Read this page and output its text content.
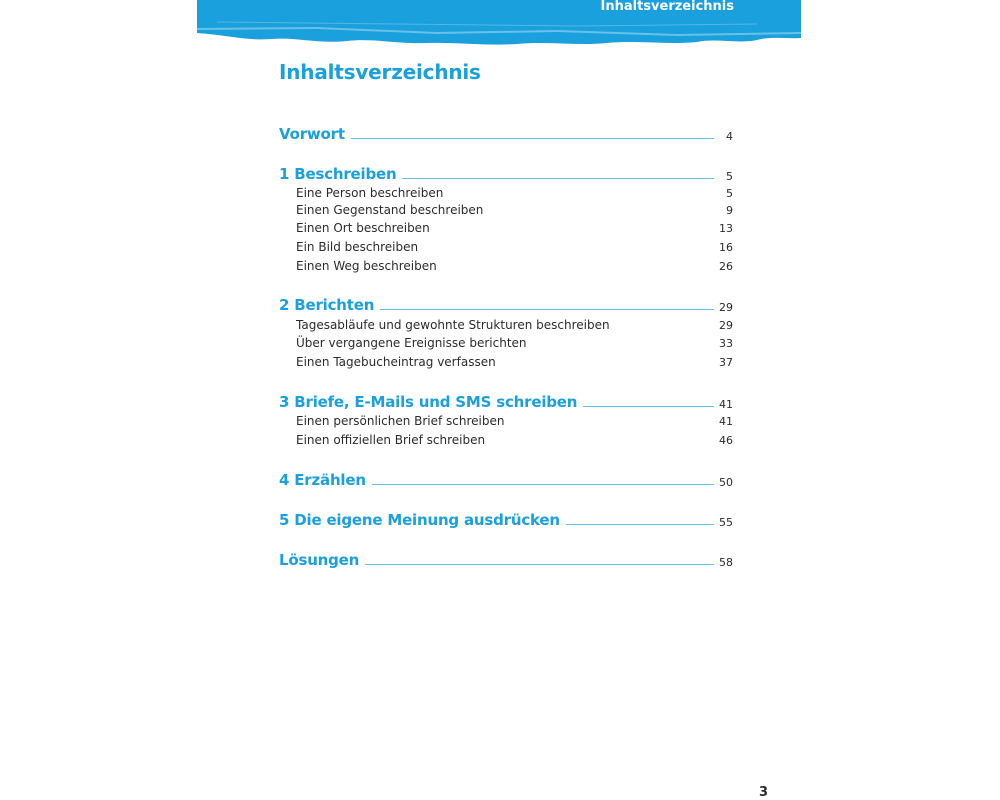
Inhaltsverzeichnis
Inhaltsverzeichnis
Vorwort	4
1 Beschreiben	5
Eine Person beschreiben	5
Einen Gegenstand beschreiben	9
Einen Ort beschreiben	13
Ein Bild beschreiben	16
Einen Weg beschreiben	26
2 Berichten	29
Tagesabläufe und gewohnte Strukturen beschreiben	29
Über vergangene Ereignisse berichten	33
Einen Tagebucheintrag verfassen	37
3 Briefe, E-Mails und SMS schreiben	41
Einen persönlichen Brief schreiben	41
Einen offiziellen Brief schreiben	46
4 Erzählen	50
5 Die eigene Meinung ausdrücken	55
Lösungen	58
3
